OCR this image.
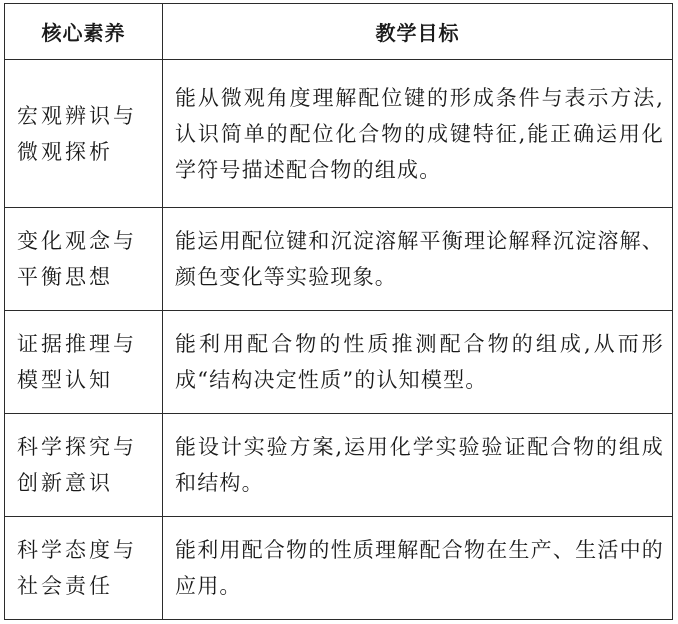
核心素养	教学目标
宏观辨识与微观探析	能从微观角度理解配位键的形成条件与表示方法,认识简单的配位化合物的成键特征,能正确运用化学符号描述配合物的组成。
变化观念与平衡思想	能运用配位键和沉淀溶解平衡理论解释沉淀溶解、颜色变化等实验现象。
证据推理与模型认知	能利用配合物的性质推测配合物的组成,从而形成“结构决定性质”的认知模型。
科学探究与创新意识	能设计实验方案,运用化学实验验证配合物的组成和结构。
科学态度与社会责任	能利用配合物的性质理解配合物在生产、生活中的应用。
